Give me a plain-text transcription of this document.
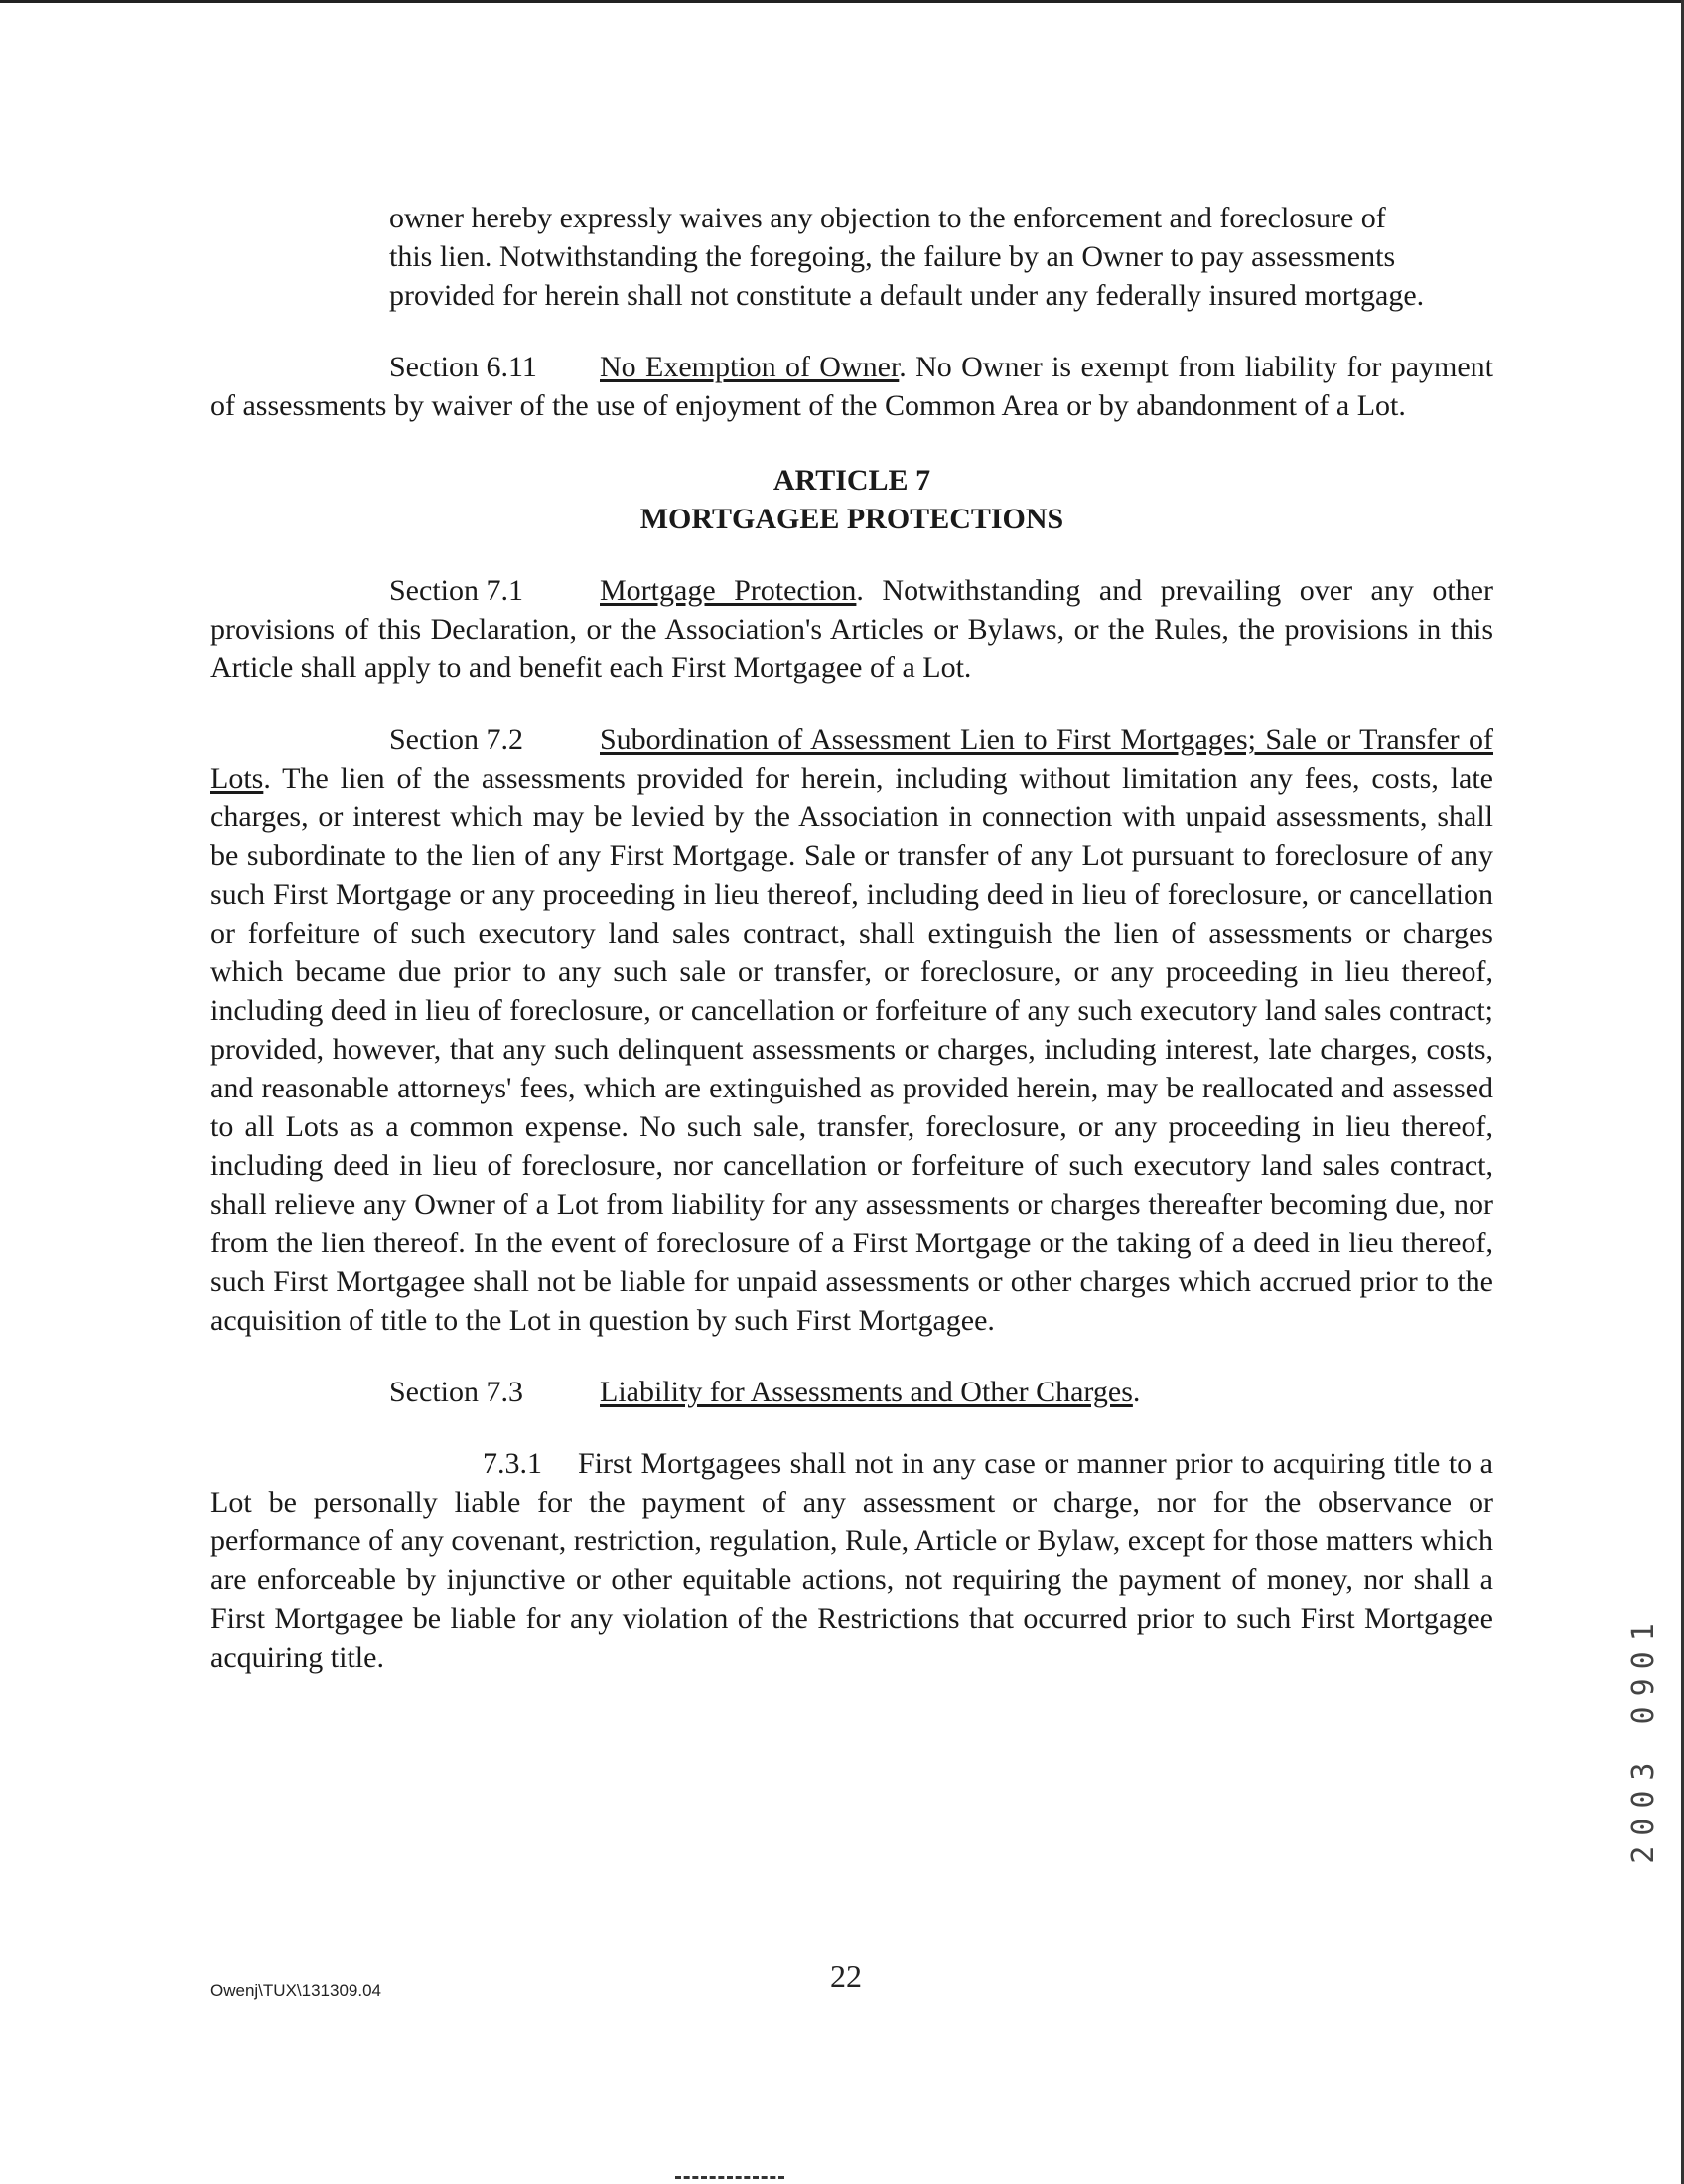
owner hereby expressly waives any objection to the enforcement and foreclosure of
this lien. Notwithstanding the foregoing, the failure by an Owner to pay assessments
provided for herein shall not constitute a default under any federally insured mortgage.

Section 6.11 No Exemption of Owner. No Owner is exempt from liability for payment of assessments by waiver of the use of enjoyment of the Common Area or by abandonment of a Lot.

ARTICLE 7
MORTGAGEE PROTECTIONS

Section 7.1	Mortgage Protection. Notwithstanding and prevailing over any other provisions of this Declaration, or the Association's Articles or Bylaws, or the Rules, the provisions in this Article shall apply to and benefit each First Mortgagee of a Lot.

Section 7.2	Subordination of Assessment Lien to First Mortgages; Sale or Transfer of Lots. The lien of the assessments provided for herein, including without limitation any fees, costs, late charges, or interest which may be levied by the Association in connection with unpaid assessments, shall be subordinate to the lien of any First Mortgage. Sale or transfer of any Lot pursuant to foreclosure of any such First Mortgage or any proceeding in lieu thereof, including deed in lieu of foreclosure, or cancellation or forfeiture of such executory land sales contract, shall extinguish the lien of assessments or charges which became due prior to any such sale or transfer, or foreclosure, or any proceeding in lieu thereof, including deed in lieu of foreclosure, or cancellation or forfeiture of any such executory land sales contract; provided, however, that any such delinquent assessments or charges, including interest, late charges, costs, and reasonable attorneys' fees, which are extinguished as provided herein, may be reallocated and assessed to all Lots as a common expense. No such sale, transfer, foreclosure, or any proceeding in lieu thereof, including deed in lieu of foreclosure, nor cancellation or forfeiture of such executory land sales contract, shall relieve any Owner of a Lot from liability for any assessments or charges thereafter becoming due, nor from the lien thereof. In the event of foreclosure of a First Mortgage or the taking of a deed in lieu thereof, such First Mortgagee shall not be liable for unpaid assessments or other charges which accrued prior to the acquisition of title to the Lot in question by such First Mortgagee.

Section 7.3	Liability for Assessments and Other Charges.

7.3.1 First Mortgagees shall not in any case or manner prior to acquiring title to a Lot be personally liable for the payment of any assessment or charge, nor for the observance or performance of any covenant, restriction, regulation, Rule, Article or Bylaw, except for those matters which are enforceable by injunctive or other equitable actions, not requiring the payment of money, nor shall a First Mortgagee be liable for any violation of the Restrictions that occurred prior to such First Mortgagee acquiring title.

Owenj\TUX\131309.04	22
2003 0901
